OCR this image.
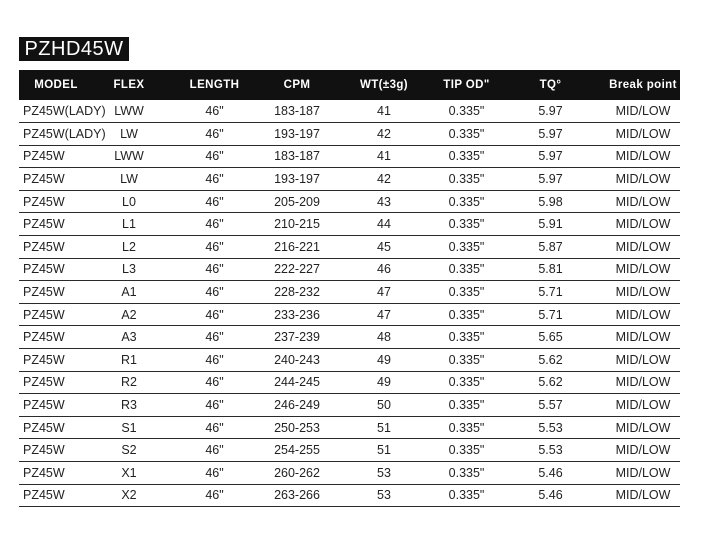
PZHD45W
MODEL	FLEX	LENGTH	CPM	WT(±3g)	TIP OD"	TQ°	Break point
PZ45W(LADY)	LWW	46"	183-187	41	0.335"	5.97	MID/LOW
PZ45W(LADY)	LW	46"	193-197	42	0.335"	5.97	MID/LOW
PZ45W	LWW	46"	183-187	41	0.335"	5.97	MID/LOW
PZ45W	LW	46"	193-197	42	0.335"	5.97	MID/LOW
PZ45W	L0	46"	205-209	43	0.335"	5.98	MID/LOW
PZ45W	L1	46"	210-215	44	0.335"	5.91	MID/LOW
PZ45W	L2	46"	216-221	45	0.335"	5.87	MID/LOW
PZ45W	L3	46"	222-227	46	0.335"	5.81	MID/LOW
PZ45W	A1	46"	228-232	47	0.335"	5.71	MID/LOW
PZ45W	A2	46"	233-236	47	0.335"	5.71	MID/LOW
PZ45W	A3	46"	237-239	48	0.335"	5.65	MID/LOW
PZ45W	R1	46"	240-243	49	0.335"	5.62	MID/LOW
PZ45W	R2	46"	244-245	49	0.335"	5.62	MID/LOW
PZ45W	R3	46"	246-249	50	0.335"	5.57	MID/LOW
PZ45W	S1	46"	250-253	51	0.335"	5.53	MID/LOW
PZ45W	S2	46"	254-255	51	0.335"	5.53	MID/LOW
PZ45W	X1	46"	260-262	53	0.335"	5.46	MID/LOW
PZ45W	X2	46"	263-266	53	0.335"	5.46	MID/LOW
